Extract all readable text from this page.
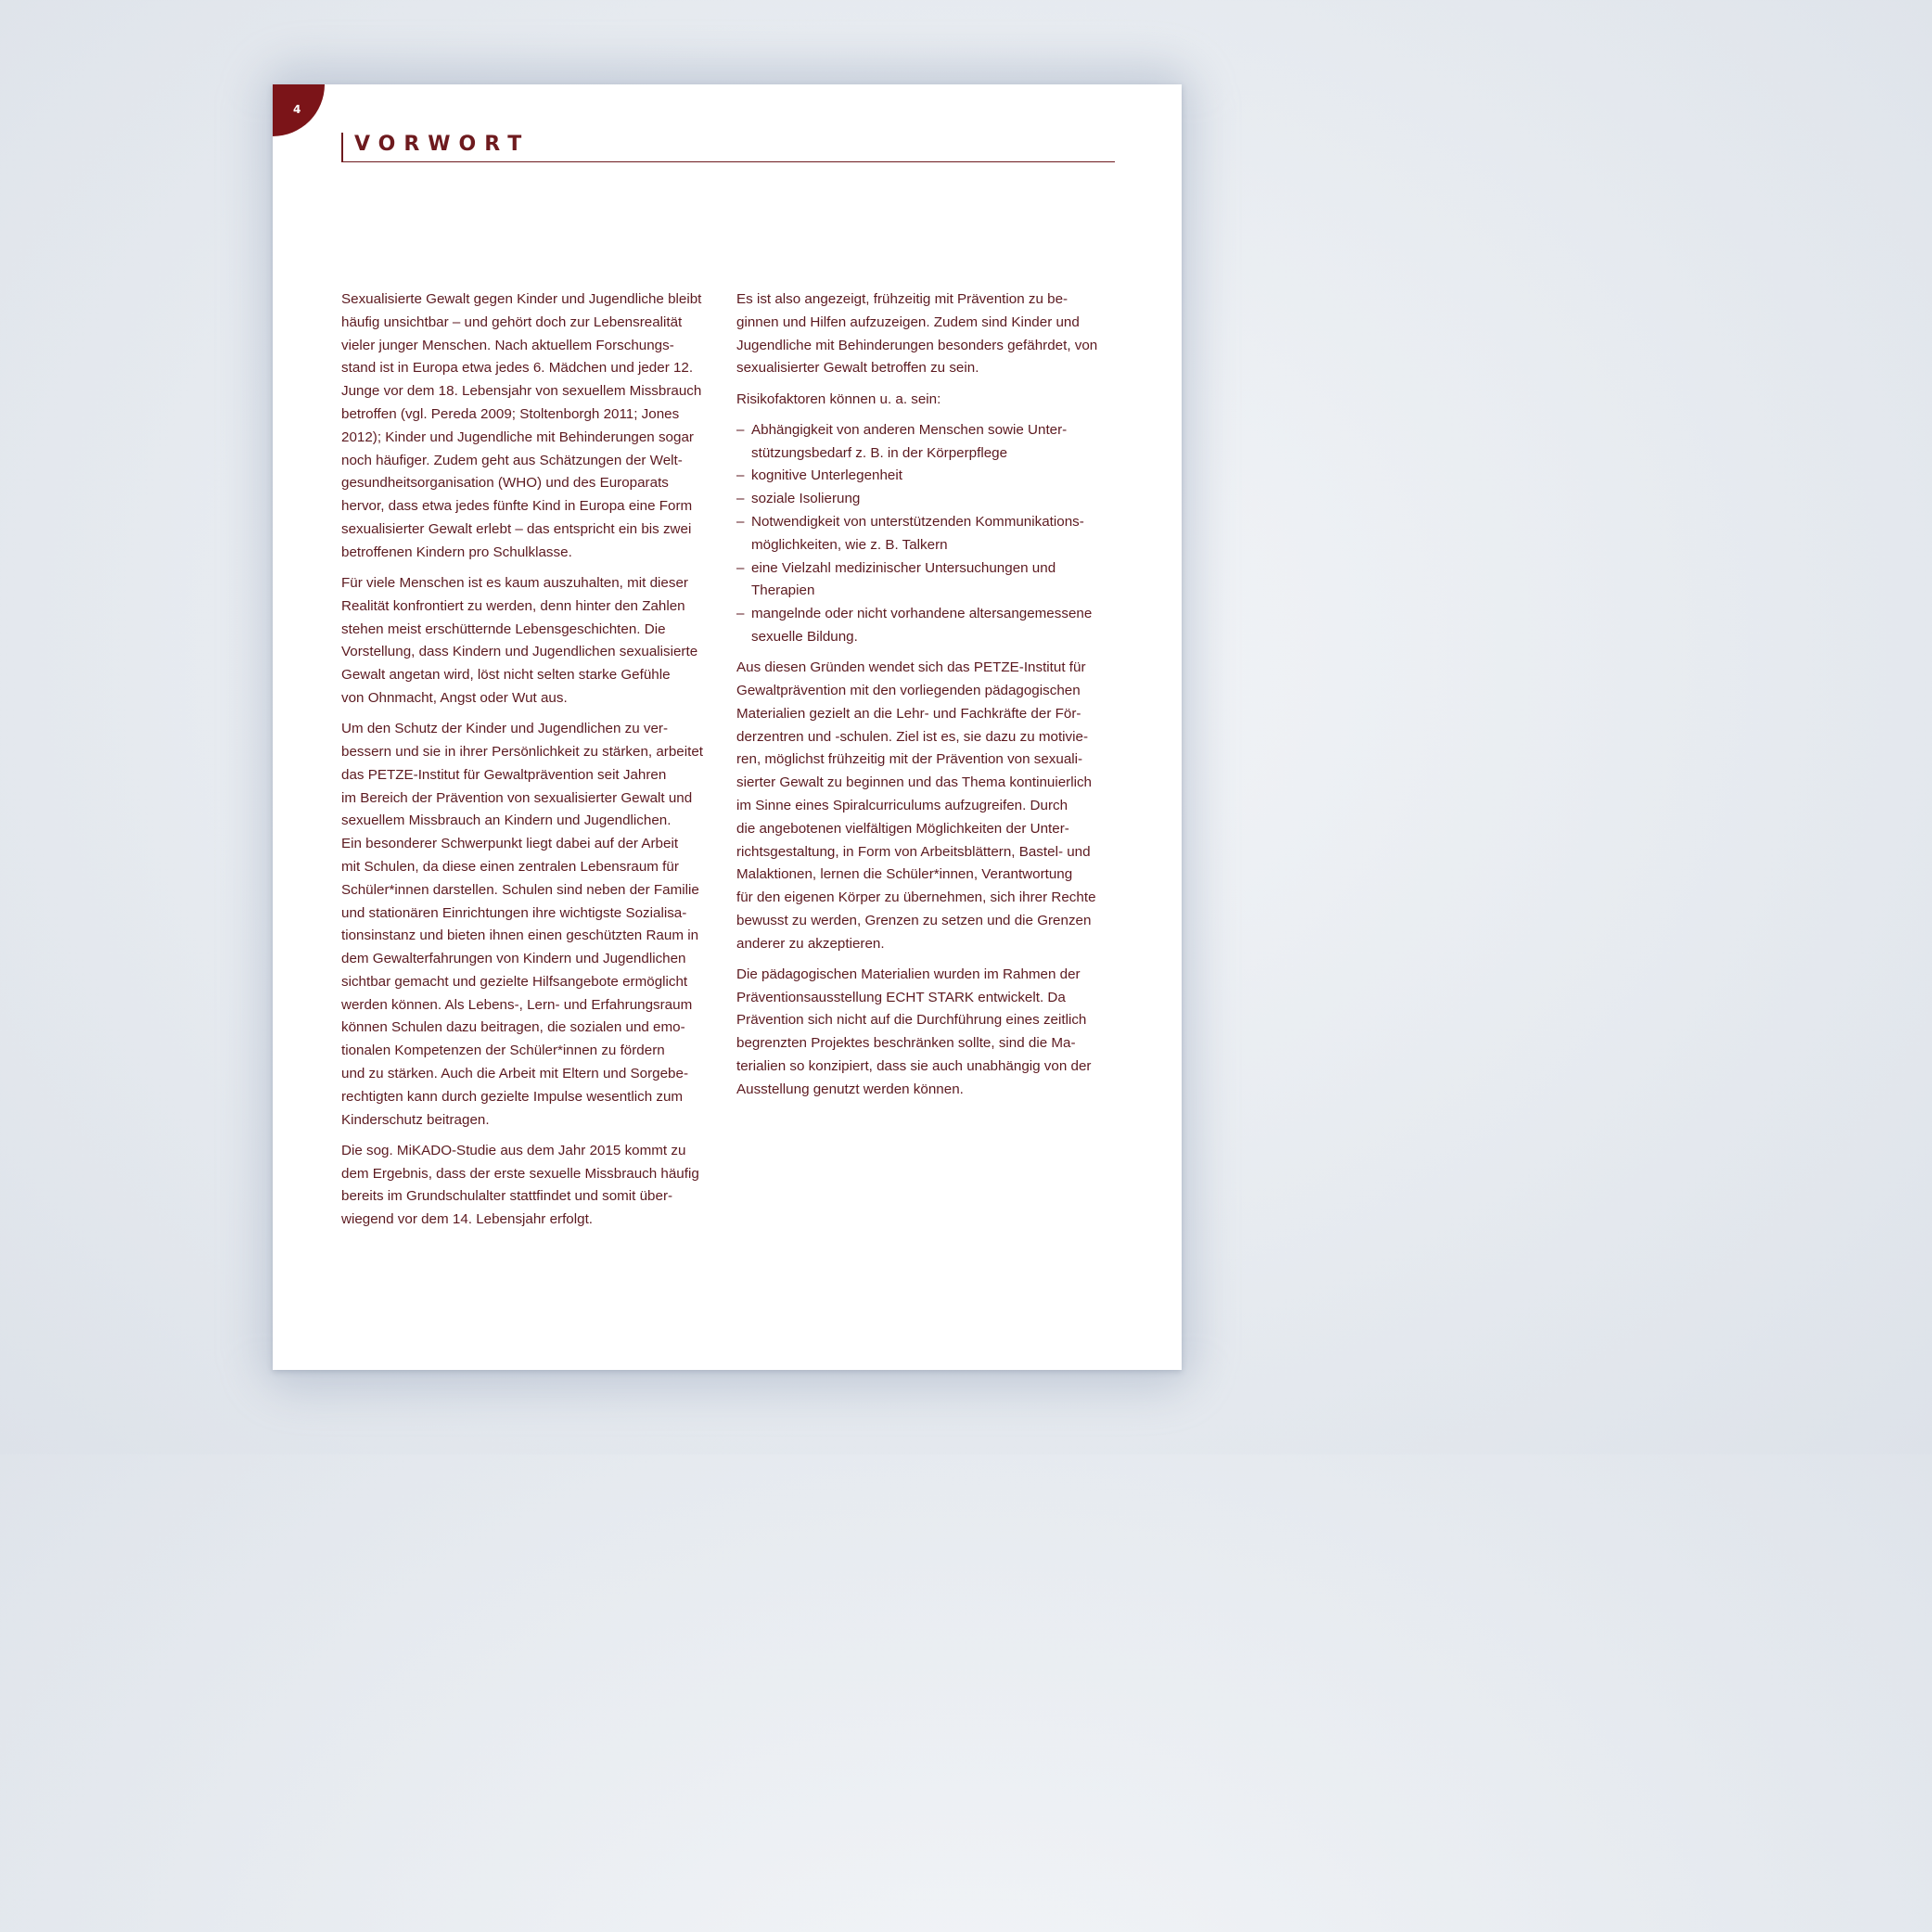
4
VORWORT

Sexualisierte Gewalt gegen Kinder und Jugendliche bleibt
häufig unsichtbar – und gehört doch zur Lebensrealität
vieler junger Menschen. Nach aktuellem Forschungs-
stand ist in Europa etwa jedes 6. Mädchen und jeder 12.
Junge vor dem 18. Lebensjahr von sexuellem Missbrauch
betroffen (vgl. Pereda 2009; Stoltenborgh 2011; Jones
2012); Kinder und Jugendliche mit Behinderungen sogar
noch häufiger. Zudem geht aus Schätzungen der Welt-
gesundheitsorganisation (WHO) und des Europarats
hervor, dass etwa jedes fünfte Kind in Europa eine Form
sexualisierter Gewalt erlebt – das entspricht ein bis zwei
betroffenen Kindern pro Schulklasse.

Für viele Menschen ist es kaum auszuhalten, mit dieser
Realität konfrontiert zu werden, denn hinter den Zahlen
stehen meist erschütternde Lebensgeschichten. Die
Vorstellung, dass Kindern und Jugendlichen sexualisierte
Gewalt angetan wird, löst nicht selten starke Gefühle
von Ohnmacht, Angst oder Wut aus.

Um den Schutz der Kinder und Jugendlichen zu ver-
bessern und sie in ihrer Persönlichkeit zu stärken, arbeitet
das PETZE-Institut für Gewaltprävention seit Jahren
im Bereich der Prävention von sexualisierter Gewalt und
sexuellem Missbrauch an Kindern und Jugendlichen.
Ein besonderer Schwerpunkt liegt dabei auf der Arbeit
mit Schulen, da diese einen zentralen Lebensraum für
Schüler*innen darstellen. Schulen sind neben der Familie
und stationären Einrichtungen ihre wichtigste Sozialisa-
tionsinstanz und bieten ihnen einen geschützten Raum in
dem Gewalterfahrungen von Kindern und Jugendlichen
sichtbar gemacht und gezielte Hilfsangebote ermöglicht
werden können. Als Lebens-, Lern- und Erfahrungsraum
können Schulen dazu beitragen, die sozialen und emo-
tionalen Kompetenzen der Schüler*innen zu fördern
und zu stärken. Auch die Arbeit mit Eltern und Sorgebe-
rechtigten kann durch gezielte Impulse wesentlich zum
Kinderschutz beitragen.

Die sog. MiKADO-Studie aus dem Jahr 2015 kommt zu
dem Ergebnis, dass der erste sexuelle Missbrauch häufig
bereits im Grundschulalter stattfindet und somit über-
wiegend vor dem 14. Lebensjahr erfolgt.

Es ist also angezeigt, frühzeitig mit Prävention zu be-
ginnen und Hilfen aufzuzeigen. Zudem sind Kinder und
Jugendliche mit Behinderungen besonders gefährdet, von
sexualisierter Gewalt betroffen zu sein.

Risikofaktoren können u. a. sein:

– Abhängigkeit von anderen Menschen sowie Unter-
stützungsbedarf z. B. in der Körperpflege
– kognitive Unterlegenheit
– soziale Isolierung
– Notwendigkeit von unterstützenden Kommunikations-
möglichkeiten, wie z. B. Talkern
– eine Vielzahl medizinischer Untersuchungen und
Therapien
– mangelnde oder nicht vorhandene altersangemessene
sexuelle Bildung.

Aus diesen Gründen wendet sich das PETZE-Institut für
Gewaltprävention mit den vorliegenden pädagogischen
Materialien gezielt an die Lehr- und Fachkräfte der För-
derzentren und -schulen. Ziel ist es, sie dazu zu motivie-
ren, möglichst frühzeitig mit der Prävention von sexuali-
sierter Gewalt zu beginnen und das Thema kontinuierlich
im Sinne eines Spiralcurriculums aufzugreifen. Durch
die angebotenen vielfältigen Möglichkeiten der Unter-
richtsgestaltung, in Form von Arbeitsblättern, Bastel- und
Malaktionen, lernen die Schüler*innen, Verantwortung
für den eigenen Körper zu übernehmen, sich ihrer Rechte
bewusst zu werden, Grenzen zu setzen und die Grenzen
anderer zu akzeptieren.

Die pädagogischen Materialien wurden im Rahmen der
Präventionsausstellung ECHT STARK entwickelt. Da
Prävention sich nicht auf die Durchführung eines zeitlich
begrenzten Projektes beschränken sollte, sind die Ma-
terialien so konzipiert, dass sie auch unabhängig von der
Ausstellung genutzt werden können.
